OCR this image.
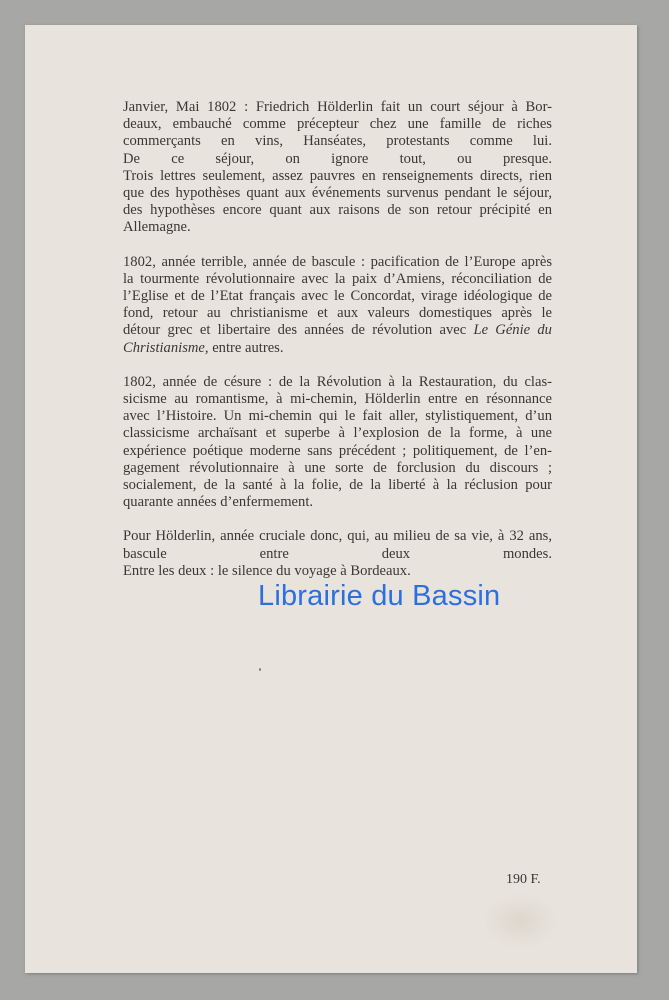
Janvier, Mai 1802 : Friedrich Hölderlin fait un court séjour à Bor-
deaux, embauché comme précepteur chez une famille de riches
commerçants en vins, Hanséates, protestants comme lui.
De ce séjour, on ignore tout, ou presque.
Trois lettres seulement, assez pauvres en renseignements directs, rien
que des hypothèses quant aux événements survenus pendant le séjour,
des hypothèses encore quant aux raisons de son retour précipité en
Allemagne.

1802, année terrible, année de bascule : pacification de l’Europe après
la tourmente révolutionnaire avec la paix d’Amiens, réconciliation de
l’Eglise et de l’Etat français avec le Concordat, virage idéologique de
fond, retour au christianisme et aux valeurs domestiques après le
détour grec et libertaire des années de révolution avec Le Génie du
Christianisme, entre autres.

1802, année de césure : de la Révolution à la Restauration, du clas-
sicisme au romantisme, à mi-chemin, Hölderlin entre en résonnance
avec l’Histoire. Un mi-chemin qui le fait aller, stylistiquement, d’un
classicisme archaïsant et superbe à l’explosion de la forme, à une
expérience poétique moderne sans précédent ; politiquement, de l’en-
gagement révolutionnaire à une sorte de forclusion du discours ;
socialement, de la santé à la folie, de la liberté à la réclusion pour
quarante années d’enfermement.

Pour Hölderlin, année cruciale donc, qui, au milieu de sa vie, à 32 ans,
bascule entre deux mondes.
Entre les deux : le silence du voyage à Bordeaux.

190 F.
Librairie du Bassin
